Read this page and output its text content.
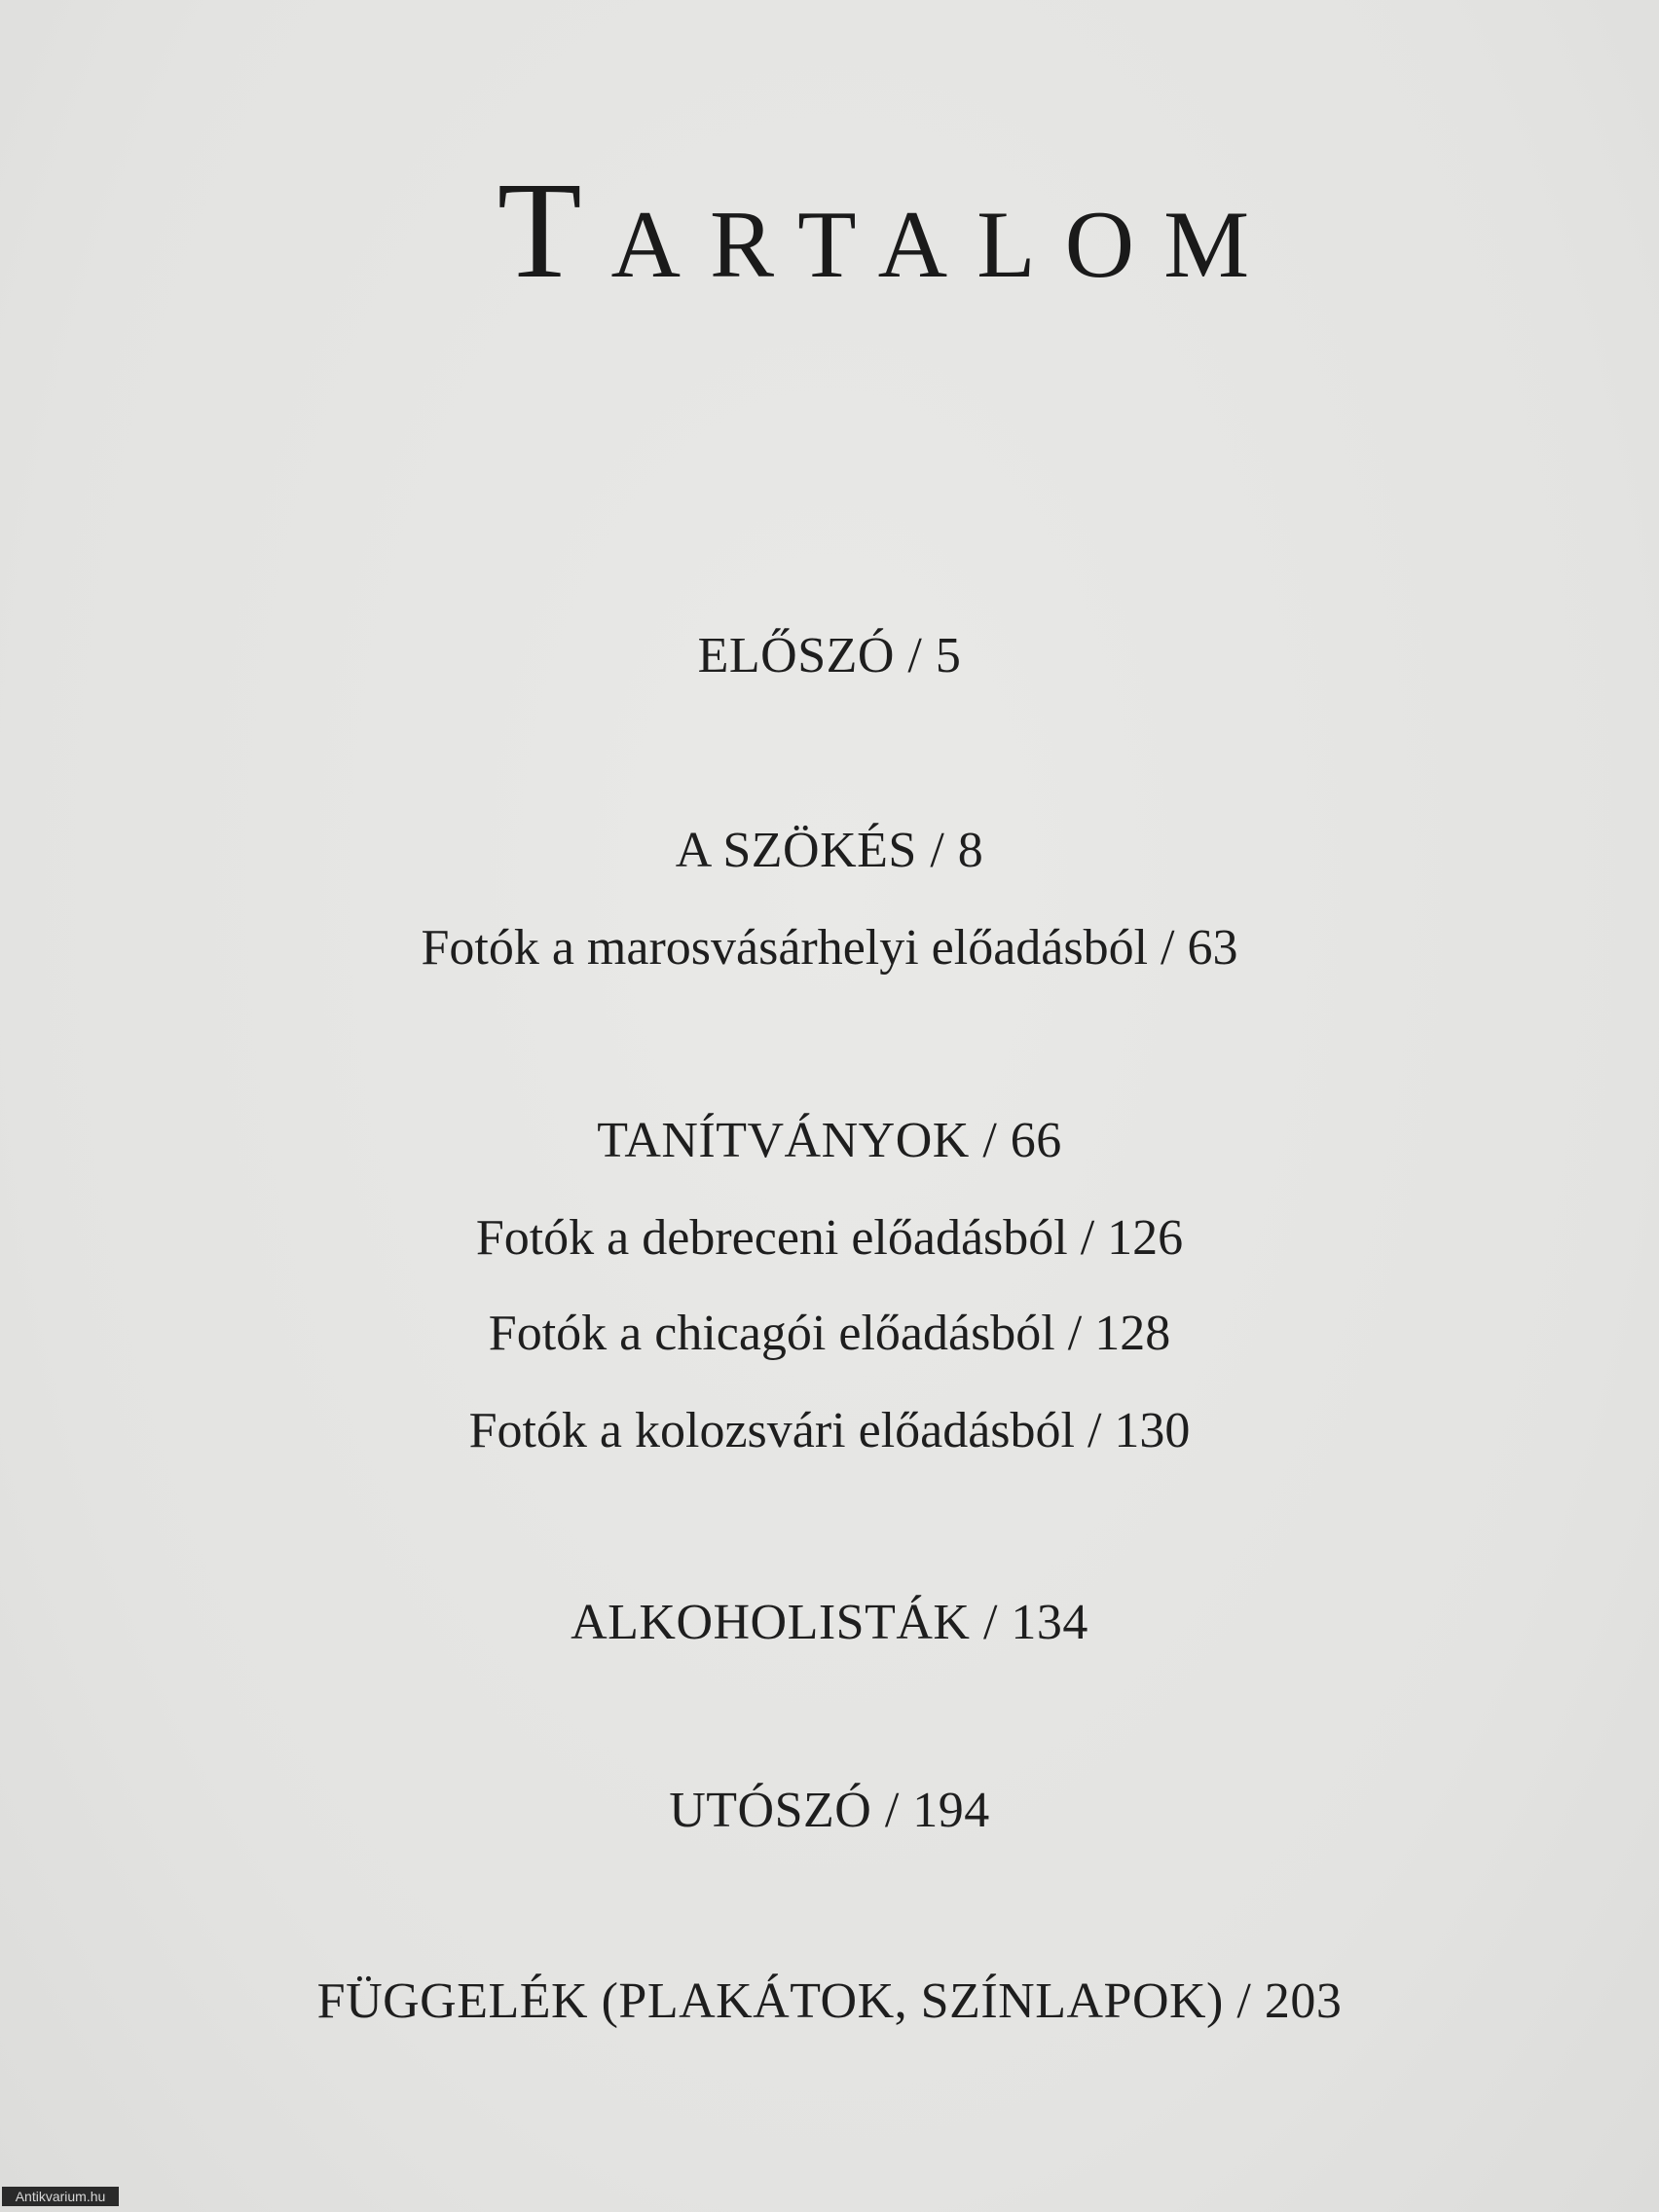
Tartalom
ELŐSZÓ / 5
A SZÖKÉS / 8
Fotók a marosvásárhelyi előadásból / 63
TANÍTVÁNYOK / 66
Fotók a debreceni előadásból / 126
Fotók a chicagói előadásból / 128
Fotók a kolozsvári előadásból / 130
ALKOHOLISTÁK / 134
UTÓSZÓ / 194
FÜGGELÉK (PLAKÁTOK, SZÍNLAPOK) / 203
Antikvarium.hu
